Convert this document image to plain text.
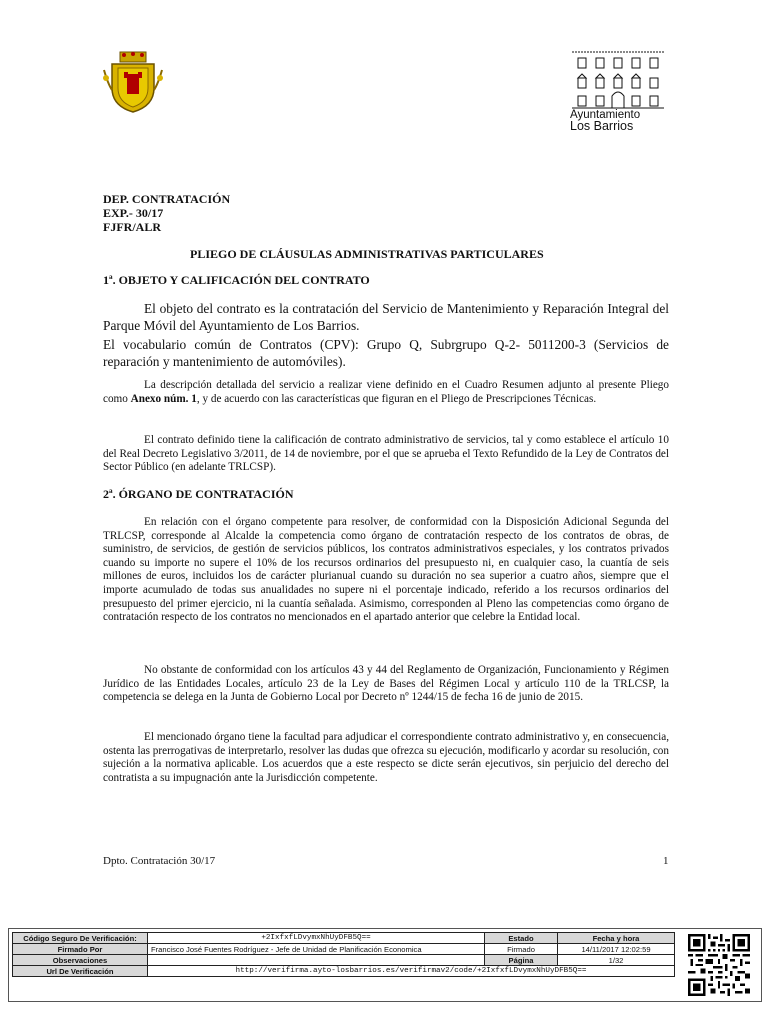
Ayuntamiento
Los Barrios
DEP. CONTRATACIÓN
EXP.- 30/17
FJFR/ALR
PLIEGO DE CLÁUSULAS ADMINISTRATIVAS PARTICULARES
1ª. OBJETO Y CALIFICACIÓN DEL CONTRATO
El objeto del contrato es la contratación del Servicio de Mantenimiento y Reparación Integral del Parque Móvil del Ayuntamiento de Los Barrios.
El vocabulario común de Contratos (CPV): Grupo Q, Subrgrupo Q-2- 5011200-3 (Servicios de reparación y mantenimiento de automóviles).
La descripción detallada del servicio a realizar viene definido en el Cuadro Resumen adjunto al presente Pliego como Anexo núm. 1, y de acuerdo con las características que figuran en el Pliego de Prescripciones Técnicas.
El contrato definido tiene la calificación de contrato administrativo de servicios, tal y como establece el artículo 10 del Real Decreto Legislativo 3/2011, de 14 de noviembre, por el que se aprueba el Texto Refundido de la Ley de Contratos del Sector Público (en adelante TRLCSP).
2ª. ÓRGANO DE CONTRATACIÓN
En relación con el órgano competente para resolver, de conformidad con la Disposición Adicional Segunda del TRLCSP, corresponde al Alcalde la competencia como órgano de contratación respecto de los contratos de obras, de suministro, de servicios, de gestión de servicios públicos, los contratos administrativos especiales, y los contratos privados cuando su importe no supere el 10% de los recursos ordinarios del presupuesto ni, en cualquier caso, la cuantía de seis millones de euros, incluidos los de carácter plurianual cuando su duración no sea superior a cuatro años, siempre que el importe acumulado de todas sus anualidades no supere ni el porcentaje indicado, referido a los recursos ordinarios del presupuesto del primer ejercicio, ni la cuantía señalada. Asimismo, corresponden al Pleno las competencias como órgano de contratación respecto de los contratos no mencionados en el apartado anterior que celebre la Entidad local.
No obstante de conformidad con los artículos 43 y 44 del Reglamento de Organización, Funcionamiento y Régimen Jurídico de las Entidades Locales, artículo 23 de la Ley de Bases del Régimen Local y artículo 110 de la TRLCSP, la competencia se delega en la Junta de Gobierno Local por Decreto nº 1244/15 de fecha 16 de junio de 2015.
El mencionado órgano tiene la facultad para adjudicar el correspondiente contrato administrativo y, en consecuencia, ostenta las prerrogativas de interpretarlo, resolver las dudas que ofrezca su ejecución, modificarlo y acordar su resolución, con sujeción a la normativa aplicable. Los acuerdos que a este respecto se dicte serán ejecutivos, sin perjuicio del derecho del contratista a su impugnación ante la Jurisdicción competente.
Dpto. Contratación 30/17	1
Código Seguro De Verificación:	+2IxfxfLDvymxNhUyDFB5Q==	Estado	Fecha y hora
Firmado Por	Francisco José Fuentes Rodríguez - Jefe de Unidad de Planificación Economica	Firmado	14/11/2017 12:02:59
Observaciones		Página	1/32
Url De Verificación	http://verifirma.ayto-losbarrios.es/verifirmav2/code/+2IxfxfLDvymxNhUyDFB5Q==		
